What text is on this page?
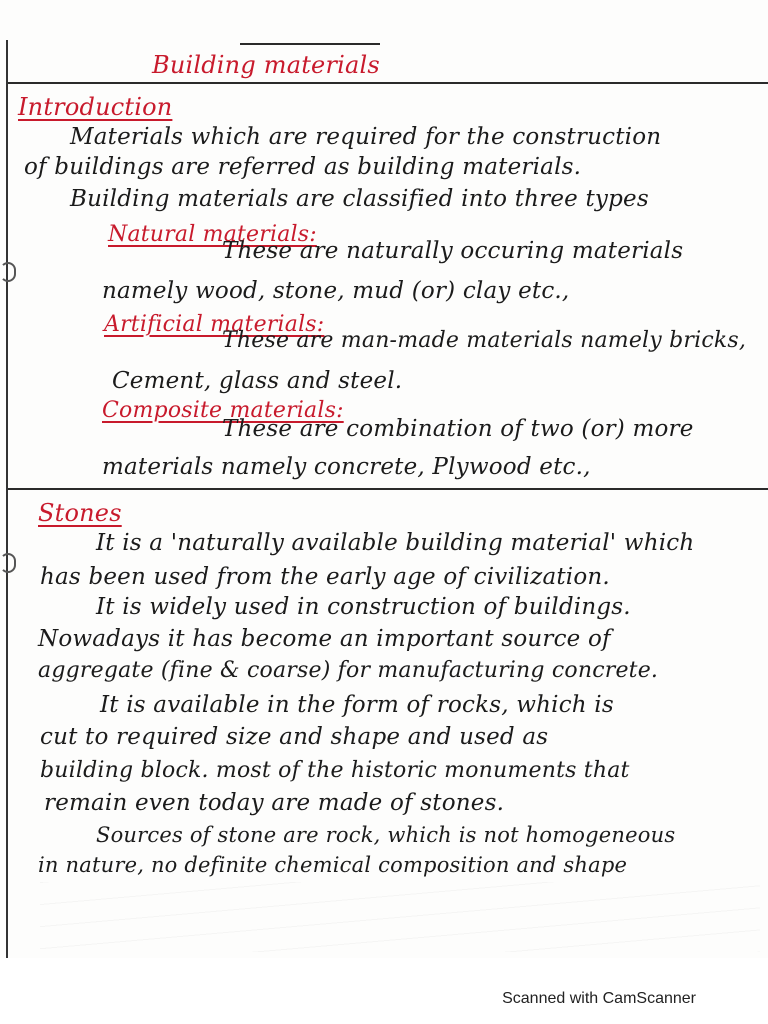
Building materials
Introduction
Materials which are required for the construction
of buildings are referred as building materials.
Building materials are classified into three types
Natural materials:
These are naturally occuring materials
namely wood, stone, mud (or) clay etc.,
Artificial materials:
These are man-made materials namely bricks,
Cement, glass and steel.
Composite materials:
These are combination of two (or) more
materials namely concrete, Plywood etc.,
Stones
It is a 'naturally available building material' which
has been used from the early age of civilization.
It is widely used in construction of buildings.
Nowadays it has become an important source of
aggregate (fine & coarse) for manufacturing concrete.
It is available in the form of rocks, which is
cut to required size and shape and used as
building block. most of the historic monuments that
remain even today are made of stones.
Sources of stone are rock, which is not homogeneous
in nature, no definite chemical composition and shape
Scanned with CamScanner
